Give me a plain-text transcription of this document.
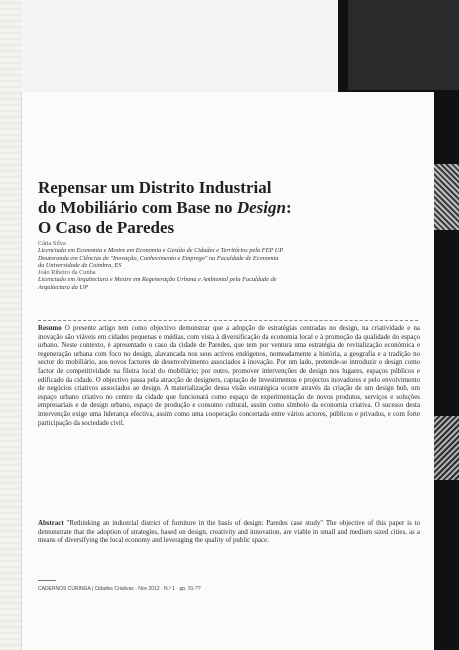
Repensar um Distrito Industrial
do Mobiliário com Base no Design:
O Caso de Paredes
Cátia Silva
Licenciada em Economia e Mestre em Economia e Gestão de Cidades e Territórios pela FEP UP.
Doutoranda em Ciências de "Inovação, Conhecimento e Emprego" na Faculdade de Economia
da Universidade de Coimbra, ES
João Ribeiro da Cunha
Licenciado em Arquitectura e Mestre em Regeneração Urbana e Ambiental pela Faculdade de
Arquitectura da UP

Resumo O presente artigo tem como objectivo demonstrar que a adopção de estratégias centradas no design, na criatividade e na inovação são viáveis em cidades pequenas e médias, com vista à diversificação da economia local e à promoção da qualidade do espaço urbano. Neste contexto, é apresentado o caso da cidade de Paredes, que tem por ventura uma estratégia de revitalização económica e regeneração urbana com foco no design, alavancada nos seus activos endógenos, nomeadamente a história, a geografia e a tradição no sector do mobiliário, aos novos factores de desenvolvimento associados à inovação. Por um lado, pretende-se introduzir o design como factor de competitividade na fileira local do mobiliário; por outro, promover intervenções de design nos lugares, espaços públicos e edificado da cidade. O objectivo passa pela atracção de designers, captação de investimentos e projectos inovadores e pelo envolvimento de negócios criativos associados ao design. A materialização dessa visão estratégica ocorre através da criação de um design hub, um espaço urbano criativo no centro da cidade que funcionará como espaço de experimentação de novos produtos, serviços e soluções empresariais e de design urbano, espaço de produção e consumo cultural, assim como símbolo da economia criativa. O sucesso desta intervenção exige uma liderança efectiva, assim como uma cooperação concertada entre vários actores, públicos e privados, e com forte participação da sociedade civil.

Abstract "Rethinking an industrial district of furniture in the basis of design: Paredes case study" The objective of this paper is to demonstrate that the adoption of strategies, based on design, creativity and innovation, are viable in small and medium sized cities, as a means of diversifying the local economy and leveraging the quality of public space.

CADERNOS CURINGA | Cidades Criativas · Nov 2012 · N.º 1 · pp. 31-??
